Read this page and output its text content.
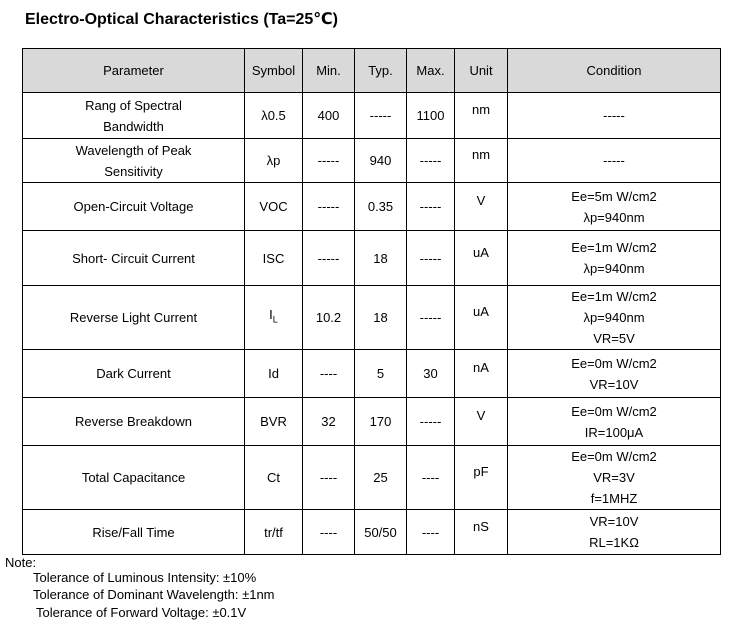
Electro-Optical Characteristics (Ta=25℃)
Parameter	Symbol	Min.	Typ.	Max.	Unit	Condition

Rang of Spectral
Bandwidth	λ0.5	400	-----	1100	nm	-----

Wavelength of Peak
Sensitivity	λp	-----	940	-----	nm	-----

Open-Circuit Voltage	VOC	-----	0.35	-----	V	Ee=5m W/cm2
λp=940nm

Short- Circuit Current	ISC	-----	18	-----	uA	Ee=1m W/cm2
λp=940nm

Reverse Light Current	$I_L$	10.2	18	-----	uA	Ee=1m W/cm2
λp=940nm
VR=5V

Dark Current	Id	----	5	30	nA	Ee=0m W/cm2
VR=10V

Reverse Breakdown	BVR	32	170	-----	V	Ee=0m W/cm2
IR=100μA

Total Capacitance	Ct	----	25	----	pF	Ee=0m W/cm2
VR=3V
f=1MHZ

Rise/Fall Time	tr/tf	----	50/50	----	nS	VR=10V
RL=1KΩ
Note:
Tolerance of Luminous Intensity: ±10%
Tolerance of Dominant Wavelength: ±1nm
Tolerance of Forward Voltage: ±0.1V
